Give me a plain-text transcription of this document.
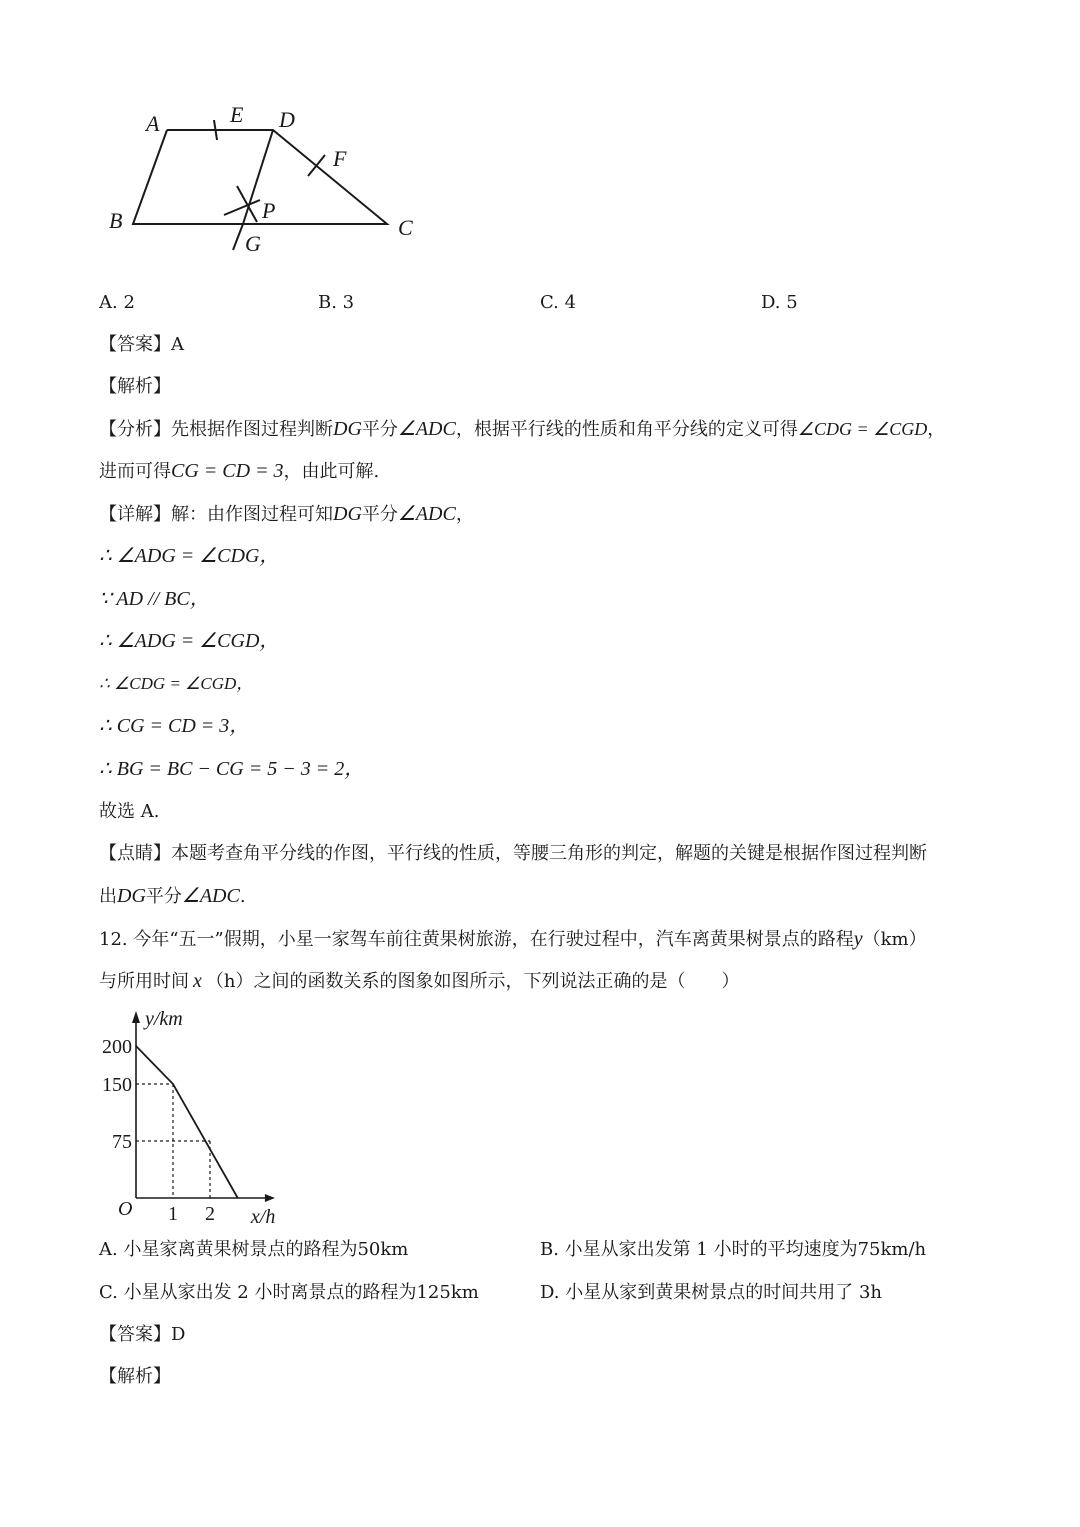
A	E D
F
B	P
G
C
A. 2	B. 3	C. 4	D. 5
【答案】A
【解析】
【分析】先根据作图过程判断DG平分∠ADC，根据平行线的性质和角平分线的定义可得∠CDG = ∠CGD，
进而可得CG = CD = 3，由此可解.
【详解】解：由作图过程可知DG平分∠ADC，
∴ ∠ADG = ∠CDG，
∵ AD // BC，
∴ ∠ADG = ∠CGD，
∴ ∠CDG = ∠CGD，
∴ CG = CD = 3，
∴ BG = BC − CG = 5 − 3 = 2，
故选 A.
【点睛】本题考查角平分线的作图，平行线的性质，等腰三角形的判定，解题的关键是根据作图过程判断
出DG平分∠ADC.
12. 今年“五一”假期，小星一家驾车前往黄果树旅游，在行驶过程中，汽车离黄果树景点的路程y（km）
与所用时间 x （h）之间的函数关系的图象如图所示，下列说法正确的是（　　）
200
150
75
1 2
O	x/h
y/km
A. 小星家离黄果树景点的路程为50km	B. 小星从家出发第 1 小时的平均速度为75km/h
C. 小星从家出发 2 小时离景点的路程为125km	D. 小星从家到黄果树景点的时间共用了 3h
【答案】D
【解析】
